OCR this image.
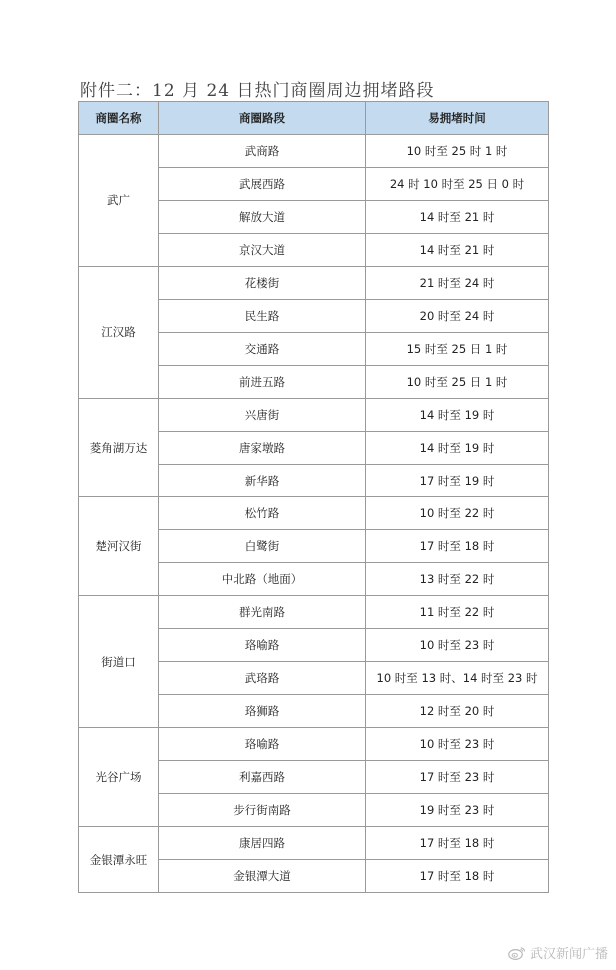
附件二：12 月 24 日热门商圈周边拥堵路段
商圈名称	商圈路段	易拥堵时间
武广	武商路	10 时至 25 时 1 时
	武展西路	24 时 10 时至 25 日 0 时
	解放大道	14 时至 21 时
	京汉大道	14 时至 21 时
江汉路	花楼街	21 时至 24 时
	民生路	20 时至 24 时
	交通路	15 时至 25 日 1 时
	前进五路	10 时至 25 日 1 时
菱角湖万达	兴唐街	14 时至 19 时
	唐家墩路	14 时至 19 时
	新华路	17 时至 19 时
楚河汉街	松竹路	10 时至 22 时
	白鹭街	17 时至 18 时
	中北路（地面）	13 时至 22 时
街道口	群光南路	11 时至 22 时
	珞喻路	10 时至 23 时
	武珞路	10 时至 13 时、14 时至 23 时
	珞狮路	12 时至 20 时
光谷广场	珞喻路	10 时至 23 时
	利嘉西路	17 时至 23 时
	步行街南路	19 时至 23 时
金银潭永旺	康居四路	17 时至 18 时
	金银潭大道	17 时至 18 时
武汉新闻广播
